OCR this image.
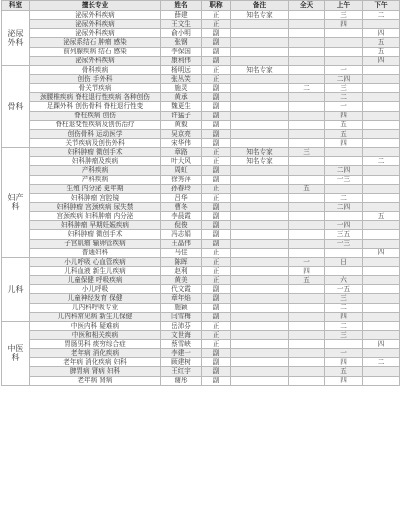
科室	擅长专业	姓名	职称	备注	全天	上午	下午
泌尿外科	泌尿外科疾病	薛建	正	知名专家		三	二
	泌尿外科疾病	王文生	正			四	
	泌尿外科疾病	俞小明	副				四
	泌尿系结石 肿瘤 感染	张钢	副				五
	前列腺疾病 结石 感染	李保国	副				五
	泌尿外科疾病	康利伟	副				四
骨科	骨科疾病	杨明远	正	知名专家		一	
	创伤 手外科	张丛笑	正			二四	
	骨关节疾病	施灵	副		二	三	
	颈腰椎疾病 脊柱退行性疾病 各种创伤	黄承	副			二	
	足踝外科 创伤骨科 脊柱退行性变	魏更生	副			一	
	脊柱疾病 创伤	许猛子	副			四	
	脊柱退变性疾病及创伤治疗	黄毅	副			五	
	创伤骨科 运动医学	吴京亮	副			五	
	关节疾病及创伤外科	宋华伟	副			四	
妇产科	妇科肿瘤 微创手术	章路	正	知名专家	三		
	妇科肿瘤及疾病	叶大风	正	知名专家			二
	产科疾病	周虹	副			二四	
	产科疾病	徐秀萍	副			一三	
	生殖 内分泌 更年期	孙春玲	正		五		
	妇科肿瘤 宫腔镜	吕华	正			二	
	妇科肿瘤 宫颈疾病 尿失禁	曹冬	副			二四	
	宫颈疾病 妇科肿瘤 内分泌	李晨霞	副				五
	妇科肿瘤 早期妊娠疾病	倪俊	副			一四	
	妇科肿瘤 微创手术	冯志娟	副			三五	
	子宫肌瘤 输卵管疾病	王晶伟	副			一三	
	普通妇科	马佳	正				四
儿科	小儿呼吸 心血管疾病	陈晖	正		一	日	
	儿科血液 新生儿疾病	赵利	正		四		
	儿童保健 呼吸疾病	黄美	正		五	六	
	小儿呼吸	代文霞	副			一五	
	儿童神经发育 保健	章年焰	副			三	
	儿内科呼吸专业	施颖	副			二	
	儿内科常见病 新生儿保健	闫雪梅	副			四	
中医科	中医内科 疑难病	岳沛芬	正			二	
	中医和相关疾病	文世海	正			三	
	胃肠男科 痰穷综合症	蔡雪峡	正				四
	老年病 消化疾病	李建一	副			一	
	老年病 消化疾病 妇科	顾建树	副			四	二
	脾胃病 肾病 妇科	王红宇	副			五	
	老年病 肾病	谢彤	副			四	
